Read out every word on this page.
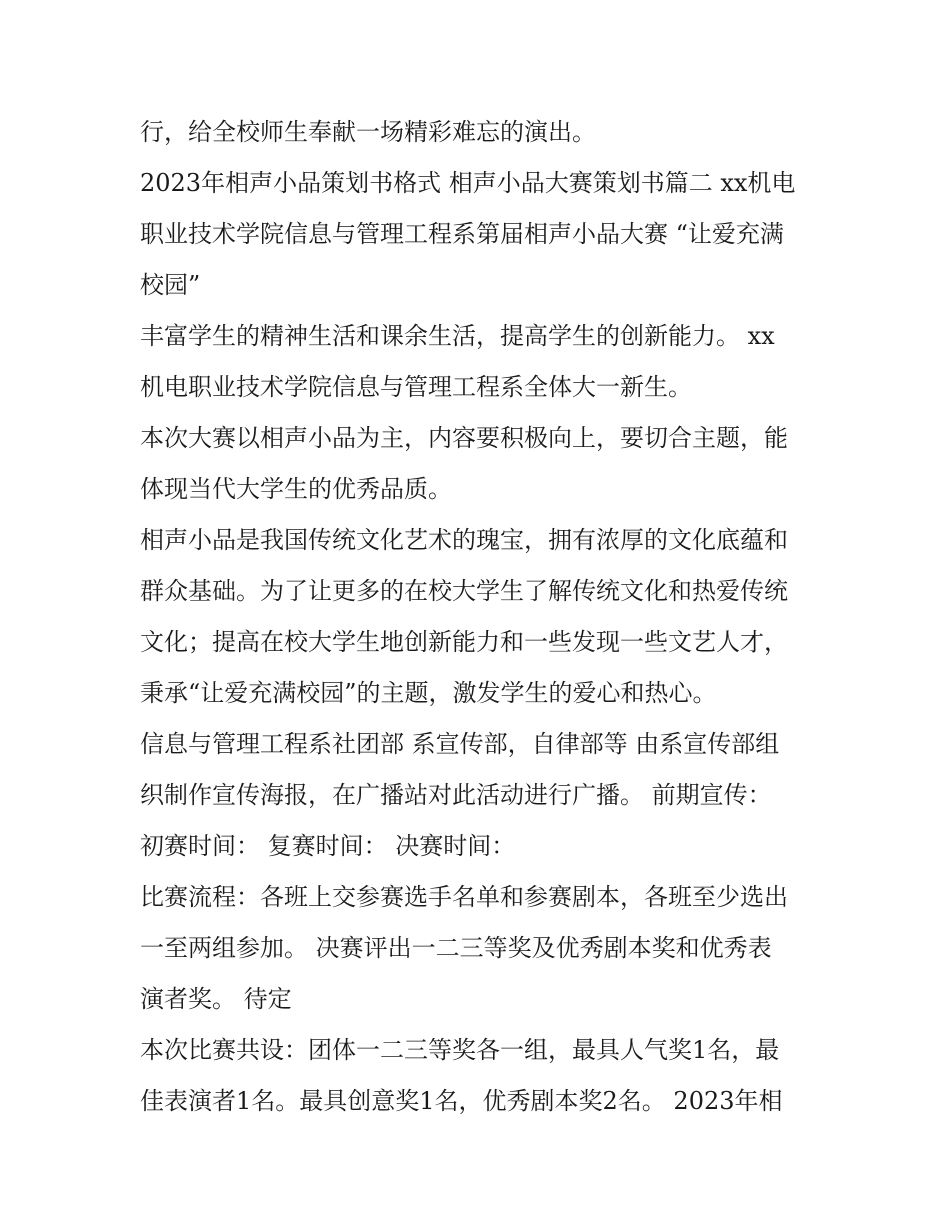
行，给全校师生奉献一场精彩难忘的演出。
2023年相声小品策划书格式 相声小品大赛策划书篇二 xx机电
职业技术学院信息与管理工程系第届相声小品大赛 “让爱充满
校园”
丰富学生的精神生活和课余生活，提高学生的创新能力。 xx
机电职业技术学院信息与管理工程系全体大一新生。
本次大赛以相声小品为主，内容要积极向上，要切合主题，能
体现当代大学生的优秀品质。
相声小品是我国传统文化艺术的瑰宝，拥有浓厚的文化底蕴和
群众基础。为了让更多的在校大学生了解传统文化和热爱传统
文化；提高在校大学生地创新能力和一些发现一些文艺人才，
秉承“让爱充满校园”的主题，激发学生的爱心和热心。
信息与管理工程系社团部 系宣传部，自律部等 由系宣传部组
织制作宣传海报，在广播站对此活动进行广播。 前期宣传：
初赛时间： 复赛时间： 决赛时间：
比赛流程：各班上交参赛选手名单和参赛剧本，各班至少选出
一至两组参加。 决赛评出一二三等奖及优秀剧本奖和优秀表
演者奖。 待定
本次比赛共设：团体一二三等奖各一组，最具人气奖1名，最
佳表演者1名。最具创意奖1名，优秀剧本奖2名。 2023年相
